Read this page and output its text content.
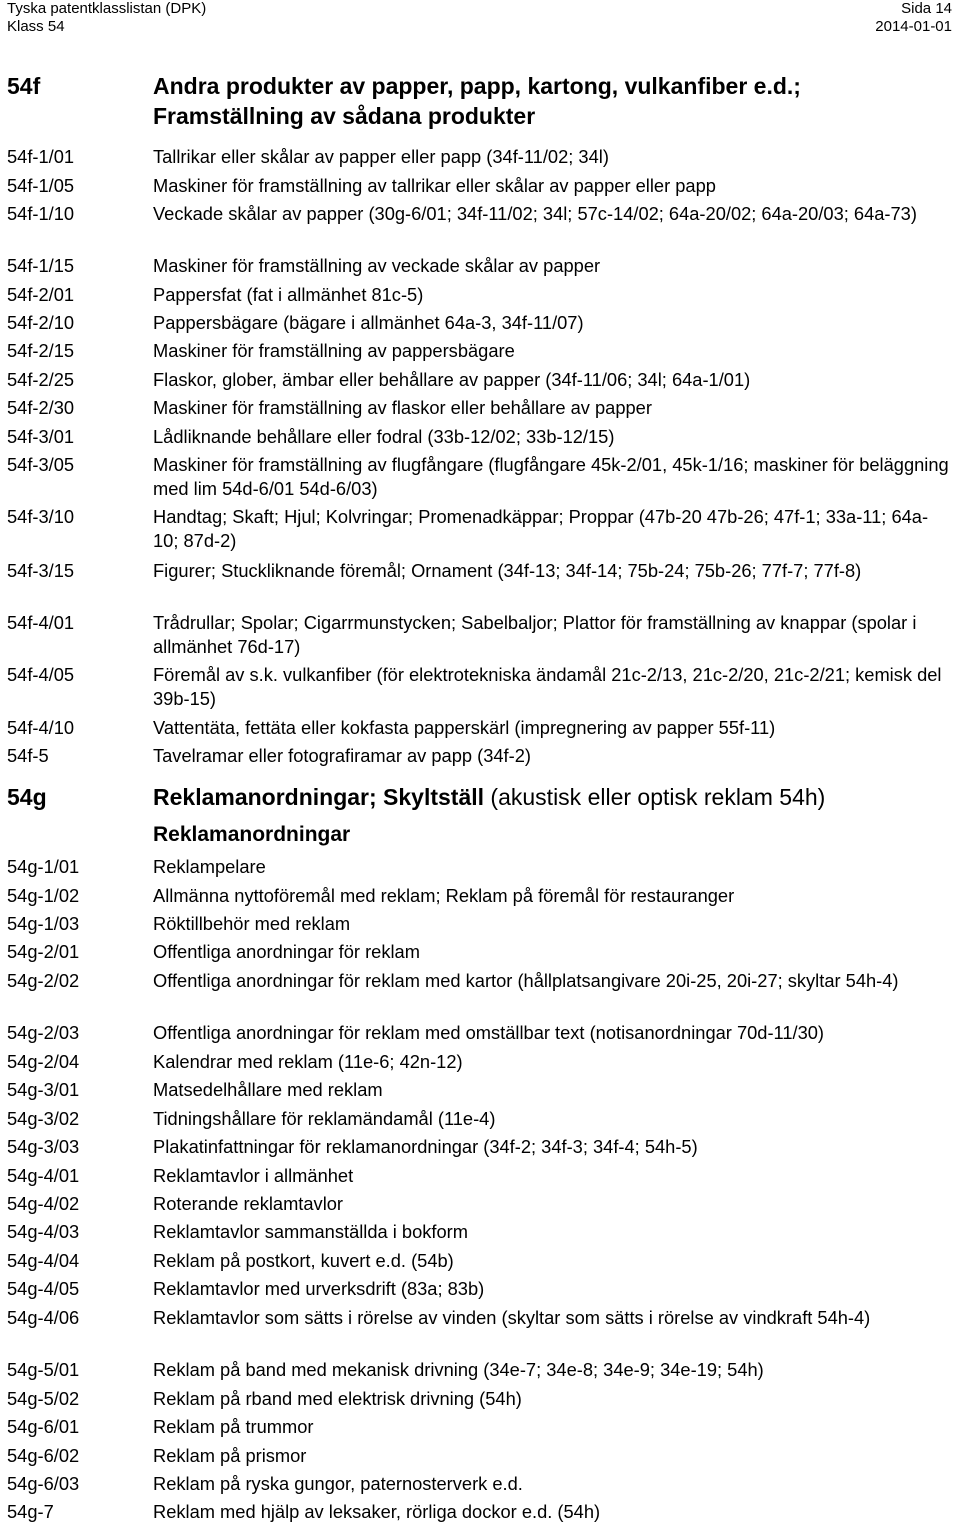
Tyska patentklasslistan (DPK)
Klass 54
Sida 14
2014-01-01
54f	Andra produkter av papper, papp, kartong, vulkanfiber e.d.;
Framställning av sådana produkter
54f-1/01	Tallrikar eller skålar av papper eller papp (34f-11/02; 34l)
54f-1/05	Maskiner för framställning av tallrikar eller skålar av papper eller papp
54f-1/10	Veckade skålar av papper (30g-6/01; 34f-11/02; 34l; 57c-14/02; 64a-20/02; 64a-20/03; 64a-73)
54f-1/15	Maskiner för framställning av veckade skålar av papper
54f-2/01	Pappersfat (fat i allmänhet 81c-5)
54f-2/10	Pappersbägare (bägare i allmänhet 64a-3, 34f-11/07)
54f-2/15	Maskiner för framställning av pappersbägare
54f-2/25	Flaskor, glober, ämbar eller behållare av papper (34f-11/06; 34l; 64a-1/01)
54f-2/30	Maskiner för framställning av flaskor eller behållare av papper
54f-3/01	Lådliknande behållare eller fodral (33b-12/02; 33b-12/15)
54f-3/05	Maskiner för framställning av flugfångare (flugfångare 45k-2/01, 45k-1/16; maskiner för beläggning med lim 54d-6/01 54d-6/03)
54f-3/10	Handtag; Skaft; Hjul; Kolvringar; Promenadkäppar; Proppar (47b-20 47b-26; 47f-1; 33a-11; 64a-10; 87d-2)
54f-3/15	Figurer; Stuckliknande föremål; Ornament (34f-13; 34f-14; 75b-24; 75b-26; 77f-7; 77f-8)
54f-4/01	Trådrullar; Spolar; Cigarrmunstycken; Sabelbaljor; Plattor för framställning av knappar (spolar i allmänhet 76d-17)
54f-4/05	Föremål av s.k. vulkanfiber (för elektrotekniska ändamål 21c-2/13, 21c-2/20, 21c-2/21; kemisk del 39b-15)
54f-4/10	Vattentäta, fettäta eller kokfasta papperskärl (impregnering av papper 55f-11)
54f-5	Tavelramar eller fotografiramar av papp (34f-2)
54g	Reklamanordningar; Skyltställ (akustisk eller optisk reklam 54h)
Reklamanordningar
54g-1/01	Reklampelare
54g-1/02	Allmänna nyttoföremål med reklam; Reklam på föremål för restauranger
54g-1/03	Röktillbehör med reklam
54g-2/01	Offentliga anordningar för reklam
54g-2/02	Offentliga anordningar för reklam med kartor (hållplatsangivare 20i-25, 20i-27; skyltar 54h-4)
54g-2/03	Offentliga anordningar för reklam med omställbar text (notisanordningar 70d-11/30)
54g-2/04	Kalendrar med reklam (11e-6; 42n-12)
54g-3/01	Matsedelhållare med reklam
54g-3/02	Tidningshållare för reklamändamål (11e-4)
54g-3/03	Plakatinfattningar för reklamanordningar (34f-2; 34f-3; 34f-4; 54h-5)
54g-4/01	Reklamtavlor i allmänhet
54g-4/02	Roterande reklamtavlor
54g-4/03	Reklamtavlor sammanställda i bokform
54g-4/04	Reklam på postkort, kuvert e.d. (54b)
54g-4/05	Reklamtavlor med urverksdrift (83a; 83b)
54g-4/06	Reklamtavlor som sätts i rörelse av vinden (skyltar som sätts i rörelse av vindkraft 54h-4)
54g-5/01	Reklam på band med mekanisk drivning (34e-7; 34e-8; 34e-9; 34e-19; 54h)
54g-5/02	Reklam på rband med elektrisk drivning (54h)
54g-6/01	Reklam på trummor
54g-6/02	Reklam på prismor
54g-6/03	Reklam på ryska gungor, paternosterverk e.d.
54g-7	Reklam med hjälp av leksaker, rörliga dockor e.d. (54h)
